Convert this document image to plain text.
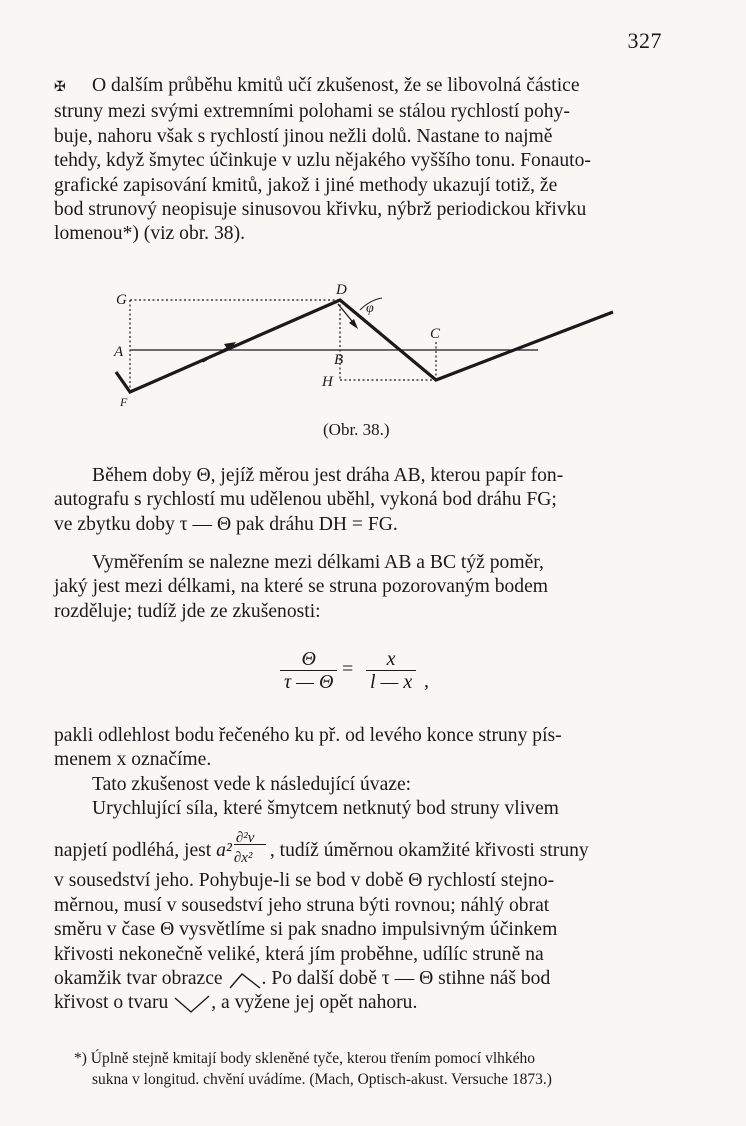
327
✠ O dalším průběhu kmitů učí zkušenost, že se libovolná částice
struny mezi svými extremními polohami se stálou rychlostí pohy-
buje, nahoru však s rychlostí jinou nežli dolů. Nastane to najmě
tehdy, když šmytec účinkuje v uzlu nějakého vyššího tonu. Fonauto-
grafické zapisování kmitů, jakož i jiné methody ukazují totiž, že
bod strunový neopisuje sinusovou křivku, nýbrž periodickou křivku
lomenou*) (viz obr. 38).
G
D
φ
C
A	B
H
F
(Obr. 38.)
Během doby Θ, jejíž měrou jest dráha AB, kterou papír fon-
autografu s rychlostí mu udělenou uběhl, vykoná bod dráhu FG;
ve zbytku doby τ — Θ pak dráhu DH = FG.
Vyměřením se nalezne mezi délkami AB a BC týž poměr,
jaký jest mezi délkami, na které se struna pozorovaným bodem
rozděluje; tudíž jde ze zkušenosti:
$\frac{\Theta}{\tau — \Theta} = \frac{x}{l — x}$ ,
pakli odlehlost bodu řečeného ku př. od levého konce struny pís-
menem x označíme.
Tato zkušenost vede k následující úvaze:
Urychlující síla, které šmytcem netknutý bod struny vlivem
napjetí podléhá, jest $a^2 \frac{\text{∂²v}}{\text{∂x²}}$ , tudíž úměrnou okamžité křivosti struny
v sousedství jeho. Pohybuje-li se bod v době Θ rychlostí stejno-
měrnou, musí v sousedství jeho struna býti rovnou; náhlý obrat
směru v čase Θ vysvětlíme si pak snadno impulsivným účinkem
křivosti nekonečně veliké, která jím proběhne, udílíc struně na
okamžik tvar obrazce . Po další době τ — Θ stihne náš bod
křivost o tvaru , a vyžene jej opět nahoru.
*) Úplně stejně kmitají body skleněné tyče, kterou třením pomocí vlhkého
sukna v longitud. chvění uvádíme. (Mach, Optisch-akust. Versuche 1873.)
